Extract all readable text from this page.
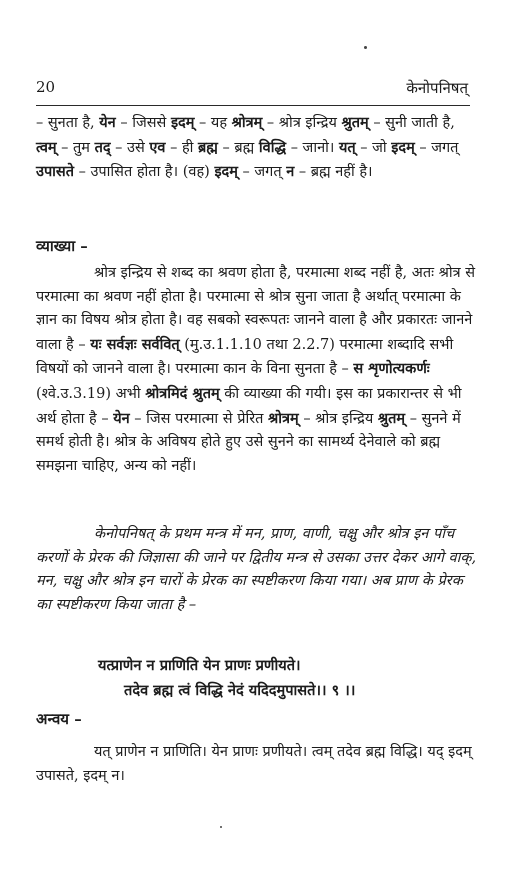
20	केनोपनिषत्

– सुनता है, येन – जिससे इदम् – यह श्रोत्रम् – श्रोत्र इन्द्रिय श्रुतम् – सुनी जाती है, त्वम् – तुम तद् – उसे एव – ही ब्रह्म – ब्रह्म विद्धि – जानो। यत् – जो इदम् – जगत् उपासते – उपासित होता है। (वह) इदम् – जगत् न – ब्रह्म नहीं है।

व्याख्या –

श्रोत्र इन्द्रिय से शब्द का श्रवण होता है, परमात्मा शब्द नहीं है, अतः श्रोत्र से परमात्मा का श्रवण नहीं होता है। परमात्मा से श्रोत्र सुना जाता है अर्थात् परमात्मा के ज्ञान का विषय श्रोत्र होता है। वह सबको स्वरूपतः जानने वाला है और प्रकारतः जानने वाला है – यः सर्वज्ञः सर्ववित् (मु.उ.1.1.10 तथा 2.2.7) परमात्मा शब्दादि सभी विषयों को जानने वाला है। परमात्मा कान के विना सुनता है – स शृणोत्यकर्णः (श्वे.उ.3.19) अभी श्रोत्रमिदं श्रुतम् की व्याख्या की गयी। इस का प्रकारान्तर से भी अर्थ होता है – येन – जिस परमात्मा से प्रेरित श्रोत्रम् – श्रोत्र इन्द्रिय श्रुतम् – सुनने में समर्थ होती है। श्रोत्र के अविषय होते हुए उसे सुनने का सामर्थ्य देनेवाले को ब्रह्म समझना चाहिए, अन्य को नहीं।

केनोपनिषत् के प्रथम मन्त्र में मन, प्राण, वाणी, चक्षु और श्रोत्र इन पाँच करणों के प्रेरक की जिज्ञासा की जाने पर द्वितीय मन्त्र से उसका उत्तर देकर आगे वाक्, मन, चक्षु और श्रोत्र इन चारों के प्रेरक का स्पष्टीकरण किया गया। अब प्राण के प्रेरक का स्पष्टीकरण किया जाता है –

यत्प्राणेन न प्राणिति येन प्राणः प्रणीयते।
तदेव ब्रह्म त्वं विद्धि नेदं यदिदमुपासते।। ९ ।।
अन्वय –

यत् प्राणेन न प्राणिति। येन प्राणः प्रणीयते। त्वम् तदेव ब्रह्म विद्धि। यद् इदम् उपासते, इदम् न।
